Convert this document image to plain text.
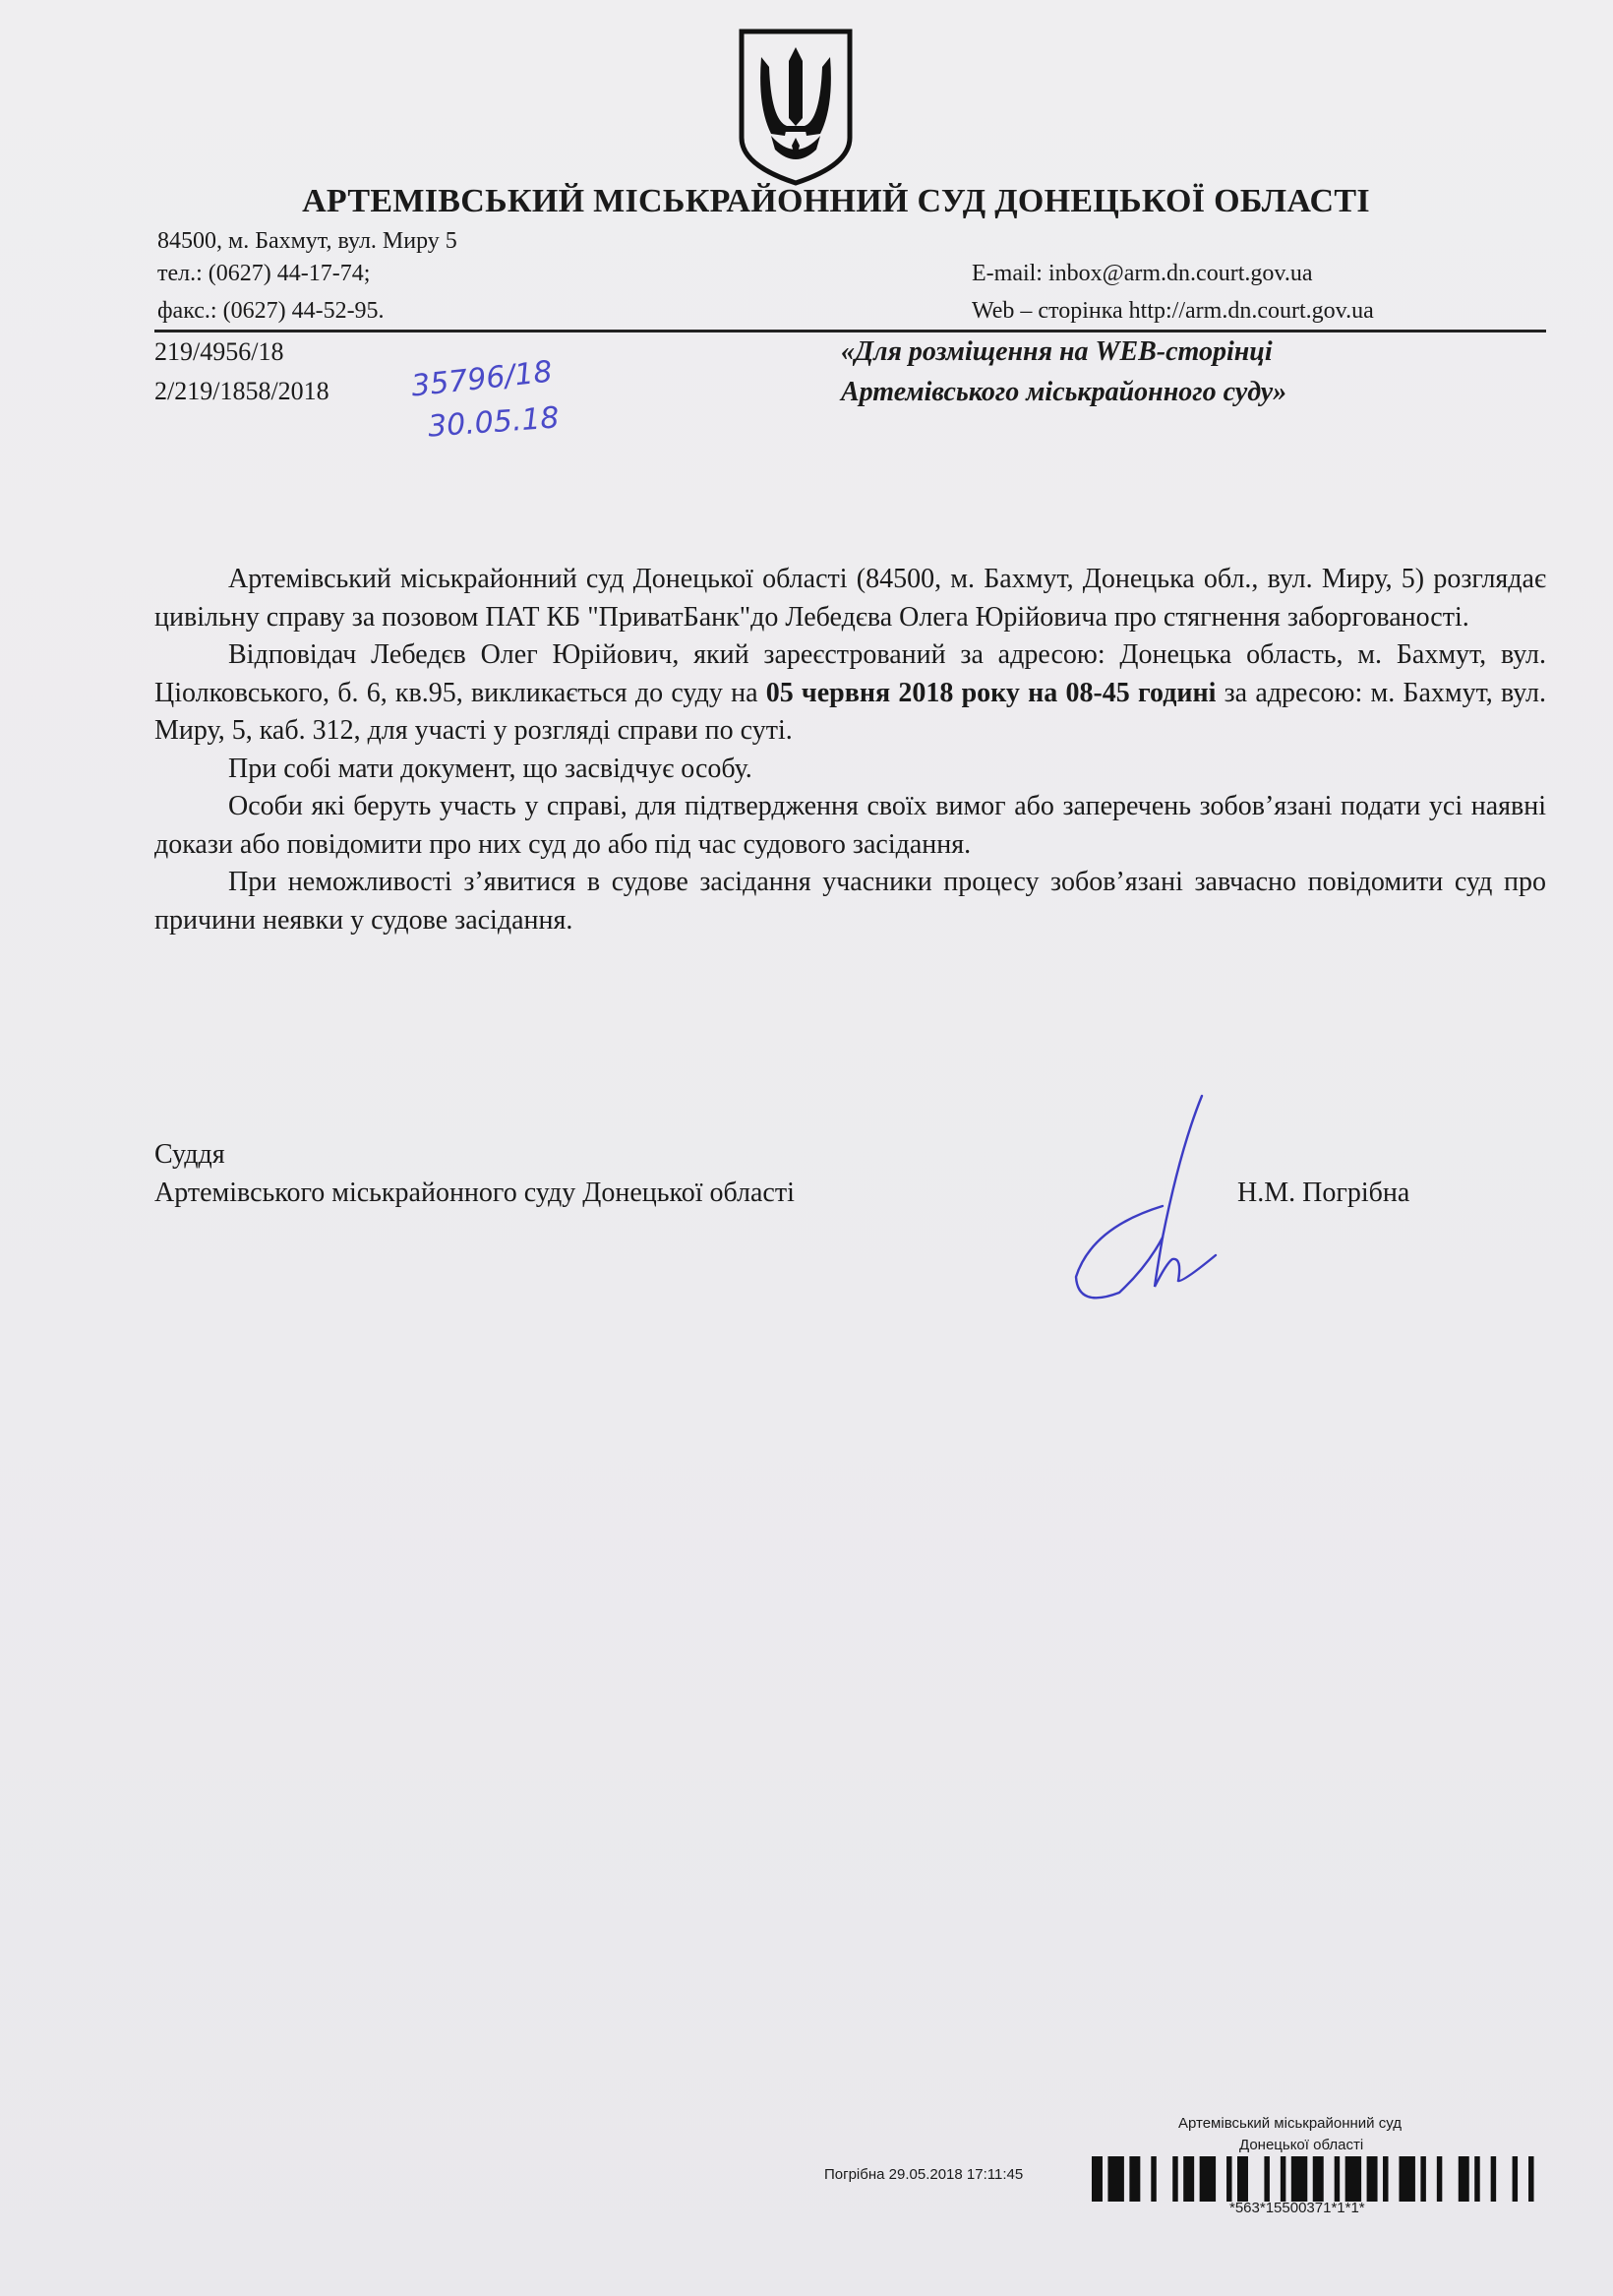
АРТЕМІВСЬКИЙ МІСЬКРАЙОННИЙ СУД ДОНЕЦЬКОЇ ОБЛАСТІ
84500, м. Бахмут, вул. Миру 5
тел.: (0627) 44-17-74;
факс.: (0627) 44-52-95.
E-mail: inbox@arm.dn.court.gov.ua
Web – сторінка http://arm.dn.court.gov.ua
219/4956/18
2/219/1858/2018	35796/18
30.05.18
«Для розміщення на WEB-сторінці
Артемівського міськрайонного суду»

Артемівський міськрайонний суд Донецької області (84500, м. Бахмут, Донецька обл., вул. Миру, 5) розглядає цивільну справу за позовом ПАТ КБ "ПриватБанк"до Лебедєва Олега Юрійовича про стягнення заборгованості.

Відповідач Лебедєв Олег Юрійович, який зареєстрований за адресою: Донецька область, м. Бахмут, вул. Ціолковського, б. 6, кв.95, викликається до суду на 05 червня 2018 року на 08-45 годині за адресою: м. Бахмут, вул. Миру, 5, каб. 312, для участі у розгляді справи по суті.

При собі мати документ, що засвідчує особу.

Особи які беруть участь у справі, для підтвердження своїх вимог або заперечень зобов’язані подати усі наявні докази або повідомити про них суд до або під час судового засідання.

При неможливості з’явитися в судове засідання учасники процесу зобов’язані завчасно повідомити суд про причини неявки у судове засідання.

Суддя
Артемівського міськрайонного суду Донецької області	Н.М. Погрібна
Артемівський міськрайонний суд
Донецької області
Погрібна 29.05.2018 17:11:45
*563*15500371*1*1*
